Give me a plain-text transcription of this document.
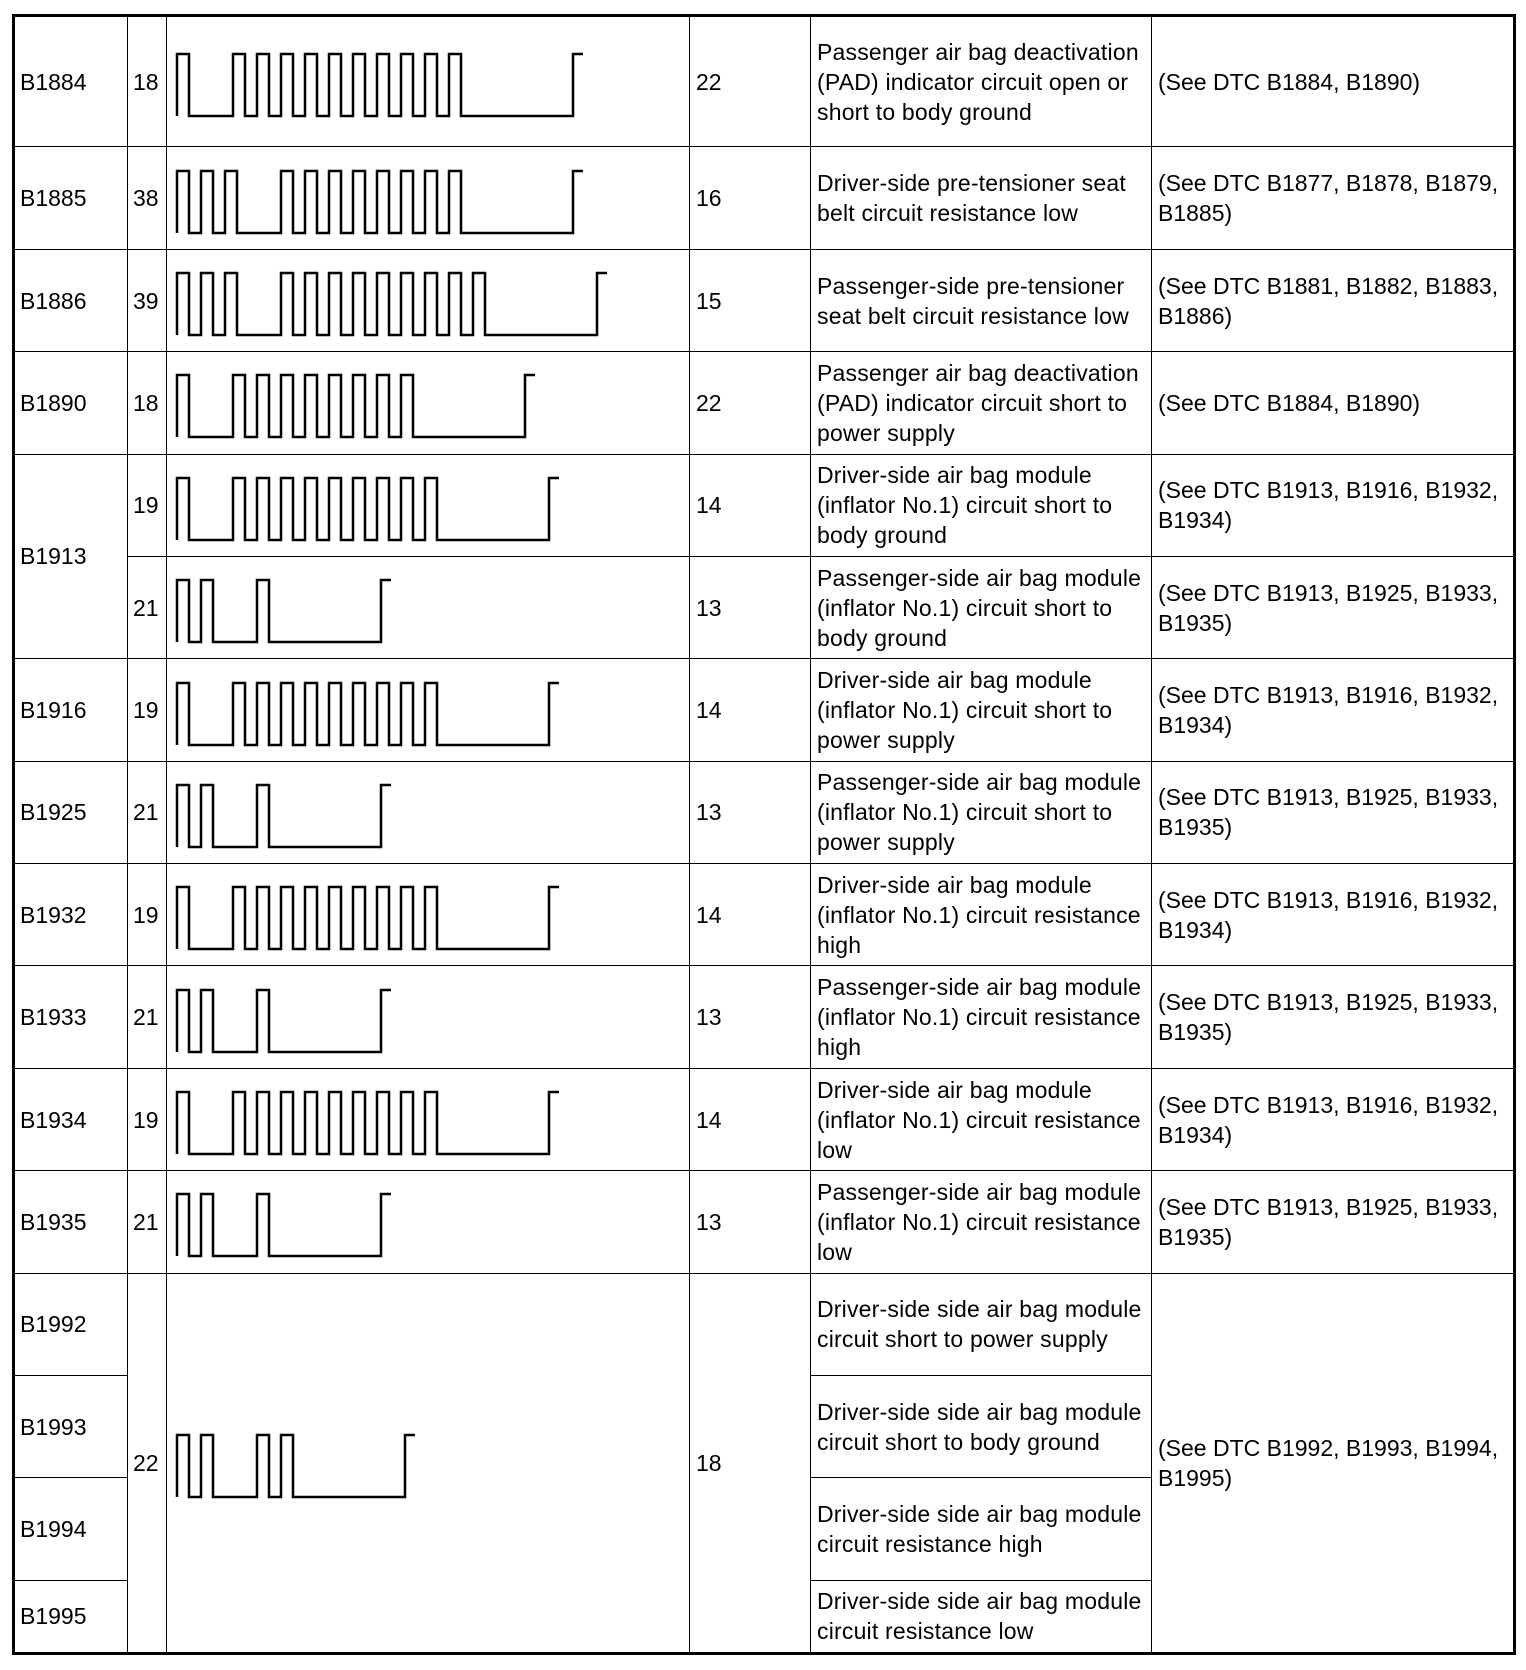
B1884	18		22	Passenger air bag deactivation (PAD) indicator circuit open or short to body ground	(See DTC B1884, B1890)
B1885	38		16	Driver-side pre-tensioner seat belt circuit resistance low	(See DTC B1877, B1878, B1879, B1885)
B1886	39		15	Passenger-side pre-tensioner seat belt circuit resistance low	(See DTC B1881, B1882, B1883, B1886)
B1890	18		22	Passenger air bag deactivation (PAD) indicator circuit short to power supply	(See DTC B1884, B1890)
B1913	19		14	Driver-side air bag module (inflator No.1) circuit short to body ground	(See DTC B1913, B1916, B1932, B1934)
	21		13	Passenger-side air bag module (inflator No.1) circuit short to body ground	(See DTC B1913, B1925, B1933, B1935)
B1916	19		14	Driver-side air bag module (inflator No.1) circuit short to power supply	(See DTC B1913, B1916, B1932, B1934)
B1925	21		13	Passenger-side air bag module (inflator No.1) circuit short to power supply	(See DTC B1913, B1925, B1933, B1935)
B1932	19		14	Driver-side air bag module (inflator No.1) circuit resistance high	(See DTC B1913, B1916, B1932, B1934)
B1933	21		13	Passenger-side air bag module (inflator No.1) circuit resistance high	(See DTC B1913, B1925, B1933, B1935)
B1934	19		14	Driver-side air bag module (inflator No.1) circuit resistance low	(See DTC B1913, B1916, B1932, B1934)
B1935	21		13	Passenger-side air bag module (inflator No.1) circuit resistance low	(See DTC B1913, B1925, B1933, B1935)
B1992	22		18	Driver-side side air bag module circuit short to power supply	(See DTC B1992, B1993, B1994, B1995)
B1993				Driver-side side air bag module circuit short to body ground	
B1994				Driver-side side air bag module circuit resistance high	
B1995				Driver-side side air bag module circuit resistance low	
